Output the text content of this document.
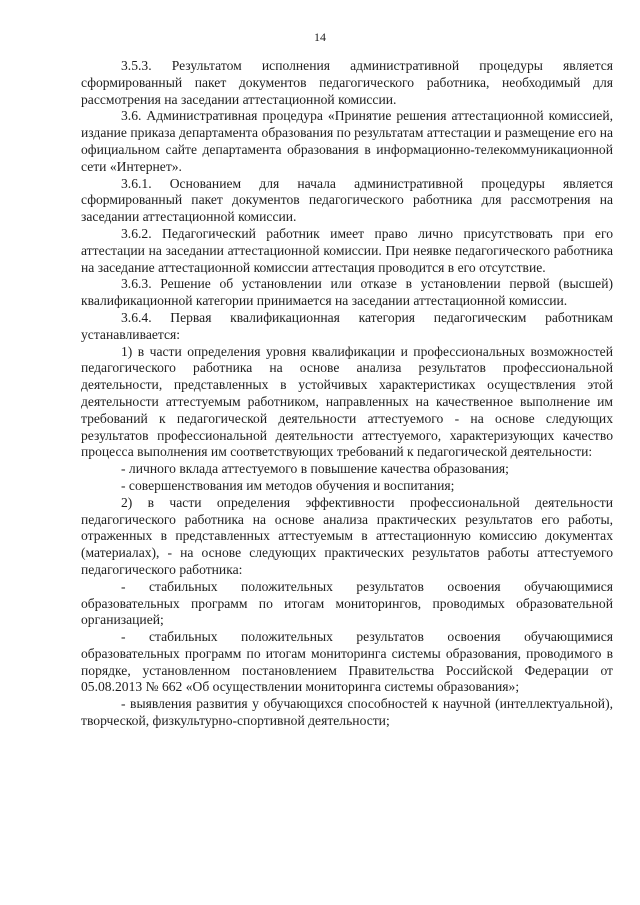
14

3.5.3. Результатом исполнения административной процедуры является сформированный пакет документов педагогического работника, необходимый для рассмотрения на заседании аттестационной комиссии.

3.6. Административная процедура «Принятие решения аттестационной комиссией, издание приказа департамента образования по результатам аттестации и размещение его на официальном сайте департамента образования в информационно-телекоммуникационной сети «Интернет».

3.6.1. Основанием для начала административной процедуры является сформированный пакет документов педагогического работника для рассмотрения на заседании аттестационной комиссии.

3.6.2. Педагогический работник имеет право лично присутствовать при его аттестации на заседании аттестационной комиссии. При неявке педагогического работника на заседание аттестационной комиссии аттестация проводится в его отсутствие.

3.6.3. Решение об установлении или отказе в установлении первой (высшей) квалификационной категории принимается на заседании аттестационной комиссии.

3.6.4. Первая квалификационная категория педагогическим работникам устанавливается:

1) в части определения уровня квалификации и профессиональных возможностей педагогического работника на основе анализа результатов профессиональной деятельности, представленных в устойчивых характеристиках осуществления этой деятельности аттестуемым работником, направленных на качественное выполнение им требований к педагогической деятельности аттестуемого - на основе следующих результатов профессиональной деятельности аттестуемого, характеризующих качество процесса выполнения им соответствующих требований к педагогической деятельности:

- личного вклада аттестуемого в повышение качества образования;

- совершенствования им методов обучения и воспитания;

2) в части определения эффективности профессиональной деятельности педагогического работника на основе анализа практических результатов его работы, отраженных в представленных аттестуемым в аттестационную комиссию документах (материалах), - на основе следующих практических результатов работы аттестуемого педагогического работника:

- стабильных положительных результатов освоения обучающимися образовательных программ по итогам мониторингов, проводимых образовательной организацией;

- стабильных положительных результатов освоения обучающимися образовательных программ по итогам мониторинга системы образования, проводимого в порядке, установленном постановлением Правительства Российской Федерации от 05.08.2013 № 662 «Об осуществлении мониторинга системы образования»;

- выявления развития у обучающихся способностей к научной (интеллектуальной), творческой, физкультурно-спортивной деятельности;
